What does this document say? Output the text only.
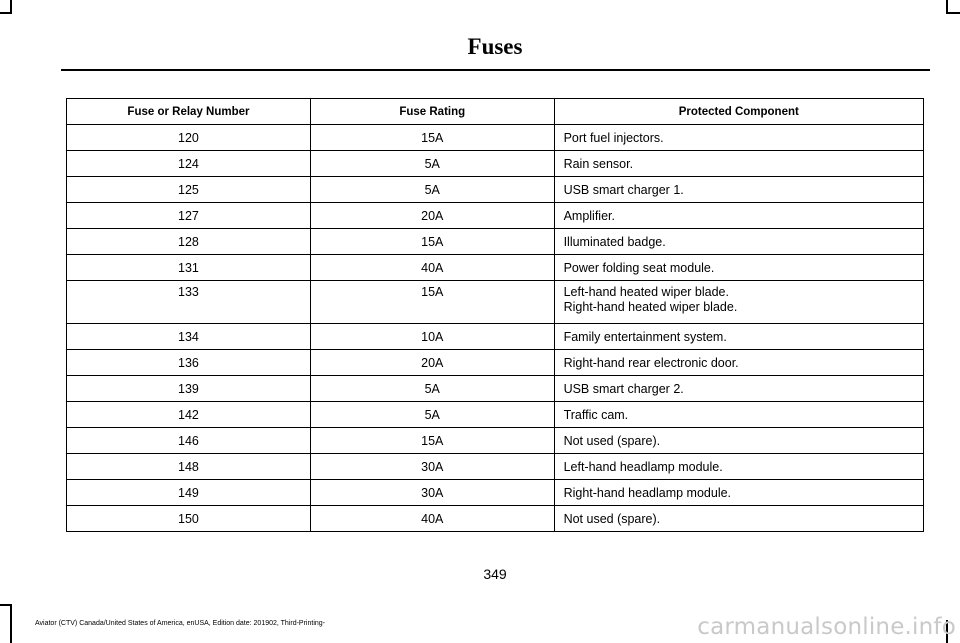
Fuses
Fuse or Relay Number	Fuse Rating	Protected Component
120	15A	Port fuel injectors.

124	5A	Rain sensor.

125	5A	USB smart charger 1.

127	20A	Amplifier.

128	15A	Illuminated badge.

131	40A	Power folding seat module.

133	15A	Left-hand heated wiper blade.
Right-hand heated wiper blade.

134	10A	Family entertainment system.

136	20A	Right-hand rear electronic door.

139	5A	USB smart charger 2.

142	5A	Traffic cam.

146	15A	Not used (spare).

148	30A	Left-hand headlamp module.

149	30A	Right-hand headlamp module.

150	40A	Not used (spare).
349
Aviator (CTV) Canada/United States of America, enUSA, Edition date: 201902, Third-Printing-	carmanualsonline.info
